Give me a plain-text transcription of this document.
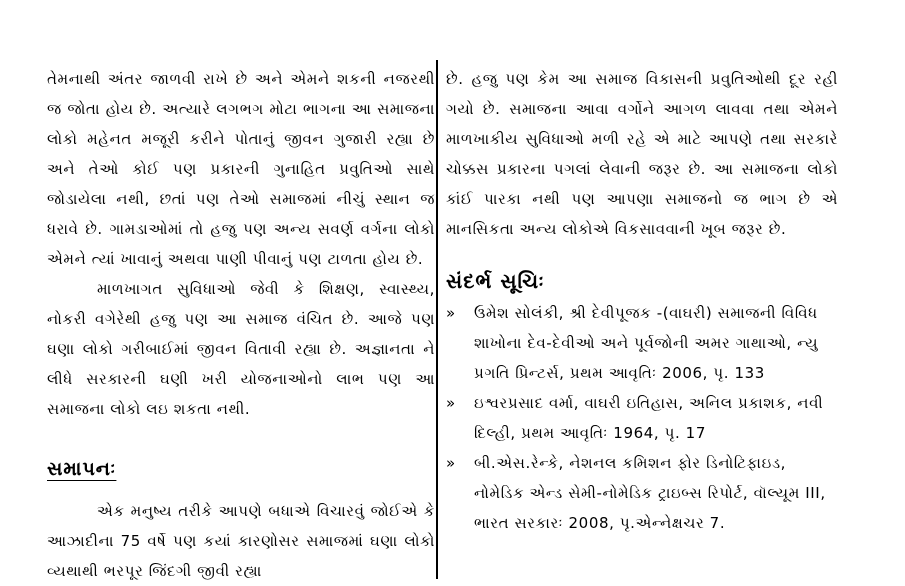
તેમનાથી અંતર જાળવી રાખે છે અને એમને શકની નજરથી જ જોતા હોય છે. અત્યારે લગભગ મોટા ભાગના આ સમાજના લોકો મહેનત મજૂરી કરીને પોતાનું જીવન ગુજારી રહ્યા છે અને તેઓ કોઈ પણ પ્રકારની ગુનાહિત પ્રવુતિઓ સાથે જોડાયેલા નથી, છતાં પણ તેઓ સમાજમાં નીચું સ્થાન જ ધરાવે છે. ગામડાઓમાં તો હજુ પણ અન્ય સવર્ણ વર્ગના લોકો એમને ત્યાં ખાવાનું અથવા પાણી પીવાનું પણ ટાળતા હોય છે.

માળખાગત સુવિધાઓ જેવી કે શિક્ષણ, સ્વાસ્થ્ય, નોકરી વગેરેથી હજુ પણ આ સમાજ વંચિત છે. આજે પણ ઘણા લોકો ગરીબાઈમાં જીવન વિતાવી રહ્યા છે. અજ્ઞાનતા ને લીધે સરકારની ઘણી ખરી યોજનાઓનો લાભ પણ આ સમાજના લોકો લઇ શકતા નથી.

સમાપનઃ

એક મનુષ્ય તરીકે આપણે બધાએ વિચારવું જોઈએ કે આઝાદીના 75 વર્ષે પણ કયાં કારણોસર સમાજમાં ઘણા લોકો વ્યથાથી ભરપૂર જિંદગી જીવી રહ્યા

છે. હજુ પણ કેમ આ સમાજ વિકાસની પ્રવુતિઓથી દૂર રહી ગયો છે. સમાજના આવા વર્ગોને આગળ લાવવા તથા એમને માળખાકીય સુવિધાઓ મળી રહે એ માટે આપણે તથા સરકારે ચોક્કસ પ્રકારના પગલાં લેવાની જરૂર છે. આ સમાજના લોકો કાંઈ પારકા નથી પણ આપણા સમાજનો જ ભાગ છે એ માનસિકતા અન્ય લોકોએ વિકસાવવાની ખૂબ જરૂર છે.

સંદર્ભ સૂચિઃ
» ઉમેશ સોલંકી, શ્રી દેવીપૂજક -(વાઘરી) સમાજની વિવિધ શાખોના દેવ-દેવીઓ અને પૂર્વજોની અમર ગાથાઓ, ન્યુ પ્રગતિ પ્રિન્ટર્સ, પ્રથમ આવૃતિઃ 2006, પૃ. 133
» ઇશ્વરપ્રસાદ વર્મા, વાઘરી ઇતિહાસ, અનિલ પ્રકાશક, નવી દિલ્હી, પ્રથમ આવૃતિઃ 1964, પૃ. 17
» બી.એસ.રેન્કે, નેશનલ કમિશન ફોર ડિનોટિફાઇડ, નોમેડિક એન્ડ સેમી-નોમેડિક ટ્રાઇબ્સ રિપોર્ટ, વૉલ્યૂમ III, ભારત સરકારઃ 2008, પૃ.એન્નેક્ષચર 7.
